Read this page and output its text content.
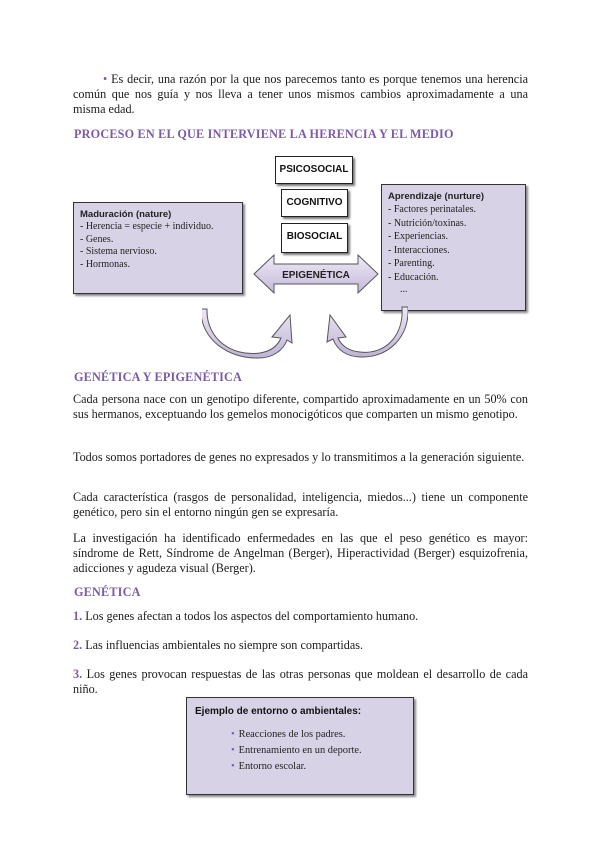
• Es decir, una razón por la que nos parecemos tanto es porque tenemos una herencia común que nos guía y nos lleva a tener unos mismos cambios aproximadamente a una misma edad.
PROCESO EN EL QUE INTERVIENE LA HERENCIA Y EL MEDIO
PSICOSOCIAL
COGNITIVO
BIOSOCIAL
Maduración (nature)
- Herencia = especie + individuo.
- Genes.
- Sistema nervioso.
- Hormonas.
Aprendizaje (nurture)
- Factores perinatales.
- Nutrición/toxinas.
- Experiencias.
- Interacciones.
- Parenting.
- Educación.
...
EPIGENÉTICA
GENÉTICA Y EPIGENÉTICA
Cada persona nace con un genotipo diferente, compartido aproximadamente en un 50% con sus hermanos, exceptuando los gemelos monocigóticos que comparten un mismo genotipo.
Todos somos portadores de genes no expresados y lo transmitimos a la generación siguiente.
Cada característica (rasgos de personalidad, inteligencia, miedos...) tiene un componente genético, pero sin el entorno ningún gen se expresaría.
La investigación ha identificado enfermedades en las que el peso genético es mayor: síndrome de Rett, Síndrome de Angelman (Berger), Hiperactividad (Berger) esquizofrenia, adicciones y agudeza visual (Berger).
GENÉTICA
1. Los genes afectan a todos los aspectos del comportamiento humano.
2. Las influencias ambientales no siempre son compartidas.
3. Los genes provocan respuestas de las otras personas que moldean el desarrollo de cada niño.
Ejemplo de entorno o ambientales:
• Reacciones de los padres.
• Entrenamiento en un deporte.
• Entorno escolar.
